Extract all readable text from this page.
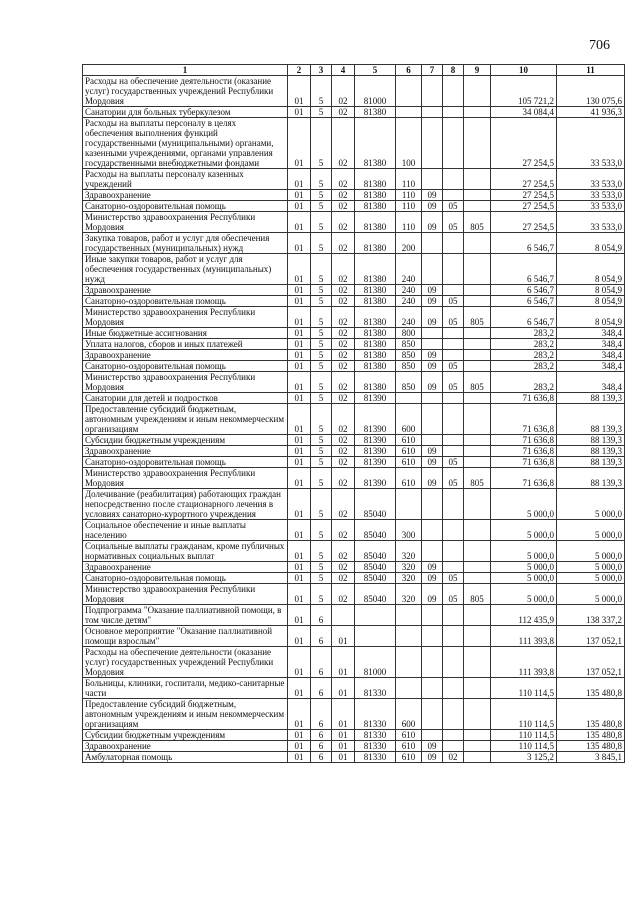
706
1	2	3	4	5	6	7	8	9	10	11
Расходы на обеспечение деятельности (оказание услуг) государственных учреждений Республики Мордовия	01	5	02	81000					105 721,2	130 075,6
Санатории для больных туберкулезом	01	5	02	81380					34 084,4	41 936,3
Расходы на выплаты персоналу в целях обеспечения выполнения функций государственными (муниципальными) органами, казенными учреждениями, органами управления государственными внебюджетными фондами	01	5	02	81380	100				27 254,5	33 533,0
Расходы на выплаты персоналу казенных учреждений	01	5	02	81380	110				27 254,5	33 533,0
Здравоохранение	01	5	02	81380	110	09			27 254,5	33 533,0
Санаторно-оздоровительная помощь	01	5	02	81380	110	09	05		27 254,5	33 533,0
Министерство здравоохранения Республики Мордовия	01	5	02	81380	110	09	05	805	27 254,5	33 533,0
Закупка товаров, работ и услуг для обеспечения государственных (муниципальных) нужд	01	5	02	81380	200				6 546,7	8 054,9
Иные закупки товаров, работ и услуг для обеспечения государственных (муниципальных) нужд	01	5	02	81380	240				6 546,7	8 054,9
Здравоохранение	01	5	02	81380	240	09			6 546,7	8 054,9
Санаторно-оздоровительная помощь	01	5	02	81380	240	09	05		6 546,7	8 054,9
Министерство здравоохранения Республики Мордовия	01	5	02	81380	240	09	05	805	6 546,7	8 054,9
Иные бюджетные ассигнования	01	5	02	81380	800				283,2	348,4
Уплата налогов, сборов и иных платежей	01	5	02	81380	850				283,2	348,4
Здравоохранение	01	5	02	81380	850	09			283,2	348,4
Санаторно-оздоровительная помощь	01	5	02	81380	850	09	05		283,2	348,4
Министерство здравоохранения Республики Мордовия	01	5	02	81380	850	09	05	805	283,2	348,4
Санатории для детей и подростков	01	5	02	81390					71 636,8	88 139,3
Предоставление субсидий бюджетным, автономным учреждениям и иным некоммерческим организациям	01	5	02	81390	600				71 636,8	88 139,3
Субсидии бюджетным учреждениям	01	5	02	81390	610				71 636,8	88 139,3
Здравоохранение	01	5	02	81390	610	09			71 636,8	88 139,3
Санаторно-оздоровительная помощь	01	5	02	81390	610	09	05		71 636,8	88 139,3
Министерство здравоохранения Республики Мордовия	01	5	02	81390	610	09	05	805	71 636,8	88 139,3
Долечивание (реабилитация) работающих граждан непосредственно после стационарного лечения в условиях санаторно-курортного учреждения	01	5	02	85040					5 000,0	5 000,0
Социальное обеспечение и иные выплаты населению	01	5	02	85040	300				5 000,0	5 000,0
Социальные выплаты гражданам, кроме публичных нормативных социальных выплат	01	5	02	85040	320				5 000,0	5 000,0
Здравоохранение	01	5	02	85040	320	09			5 000,0	5 000,0
Санаторно-оздоровительная помощь	01	5	02	85040	320	09	05		5 000,0	5 000,0
Министерство здравоохранения Республики Мордовия	01	5	02	85040	320	09	05	805	5 000,0	5 000,0
Подпрограмма "Оказание паллиативной помощи, в том числе детям"	01	6							112 435,9	138 337,2
Основное мероприятие "Оказание паллиативной помощи взрослым"	01	6	01						111 393,8	137 052,1
Расходы на обеспечение деятельности (оказание услуг) государственных учреждений Республики Мордовия	01	6	01	81000					111 393,8	137 052,1
Больницы, клиники, госпитали, медико-санитарные части	01	6	01	81330					110 114,5	135 480,8
Предоставление субсидий бюджетным, автономным учреждениям и иным некоммерческим организациям	01	6	01	81330	600				110 114,5	135 480,8
Субсидии бюджетным учреждениям	01	6	01	81330	610				110 114,5	135 480,8
Здравоохранение	01	6	01	81330	610	09			110 114,5	135 480,8
Амбулаторная помощь	01	6	01	81330	610	09	02		3 125,2	3 845,1
